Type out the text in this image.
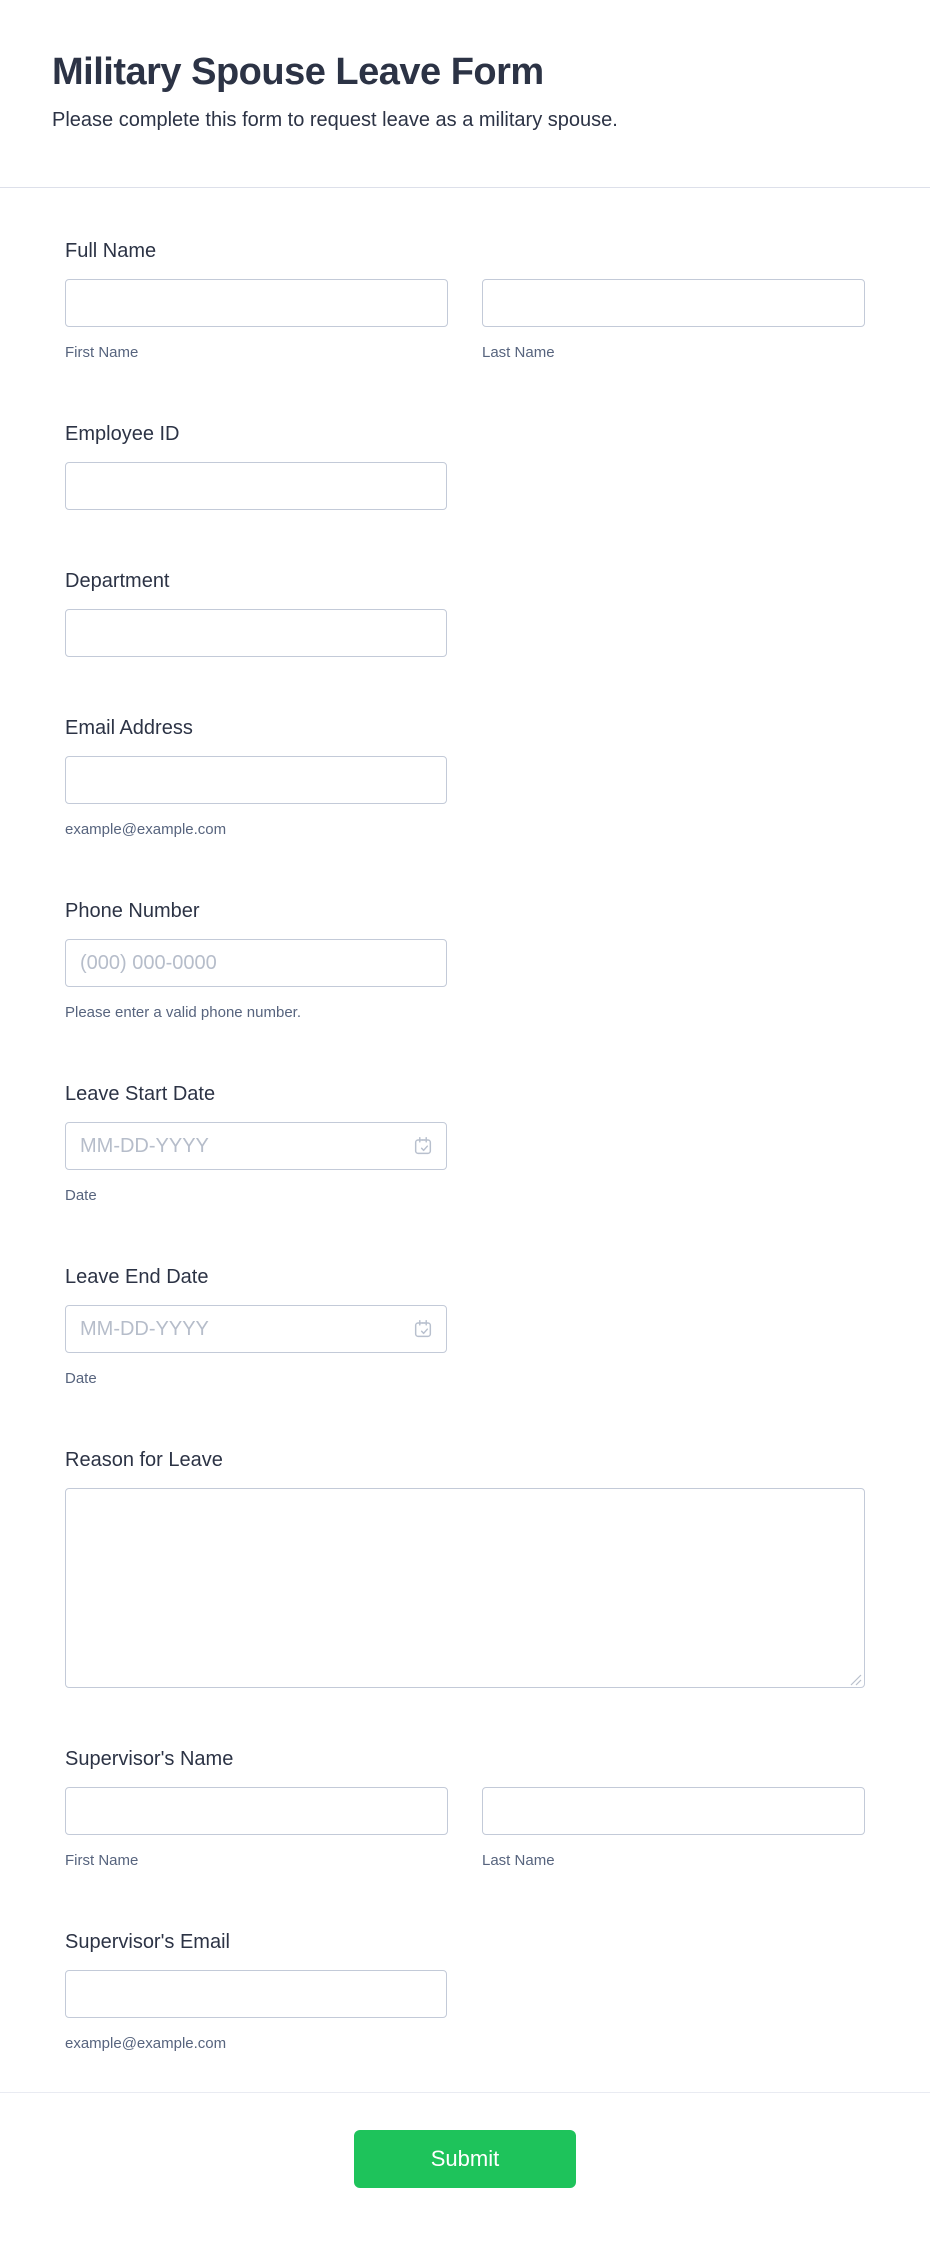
Military Spouse Leave Form

Please complete this form to request leave as a military spouse.

Full Name
First Name	Last Name
Employee ID
Department
Email Address
example@example.com
Phone Number
(000) 000-0000
Please enter a valid phone number.
Leave Start Date
MM-DD-YYYY
Date
Leave End Date
MM-DD-YYYY
Date
Reason for Leave
Supervisor's Name
First Name	Last Name
Supervisor's Email
example@example.com
Submit
